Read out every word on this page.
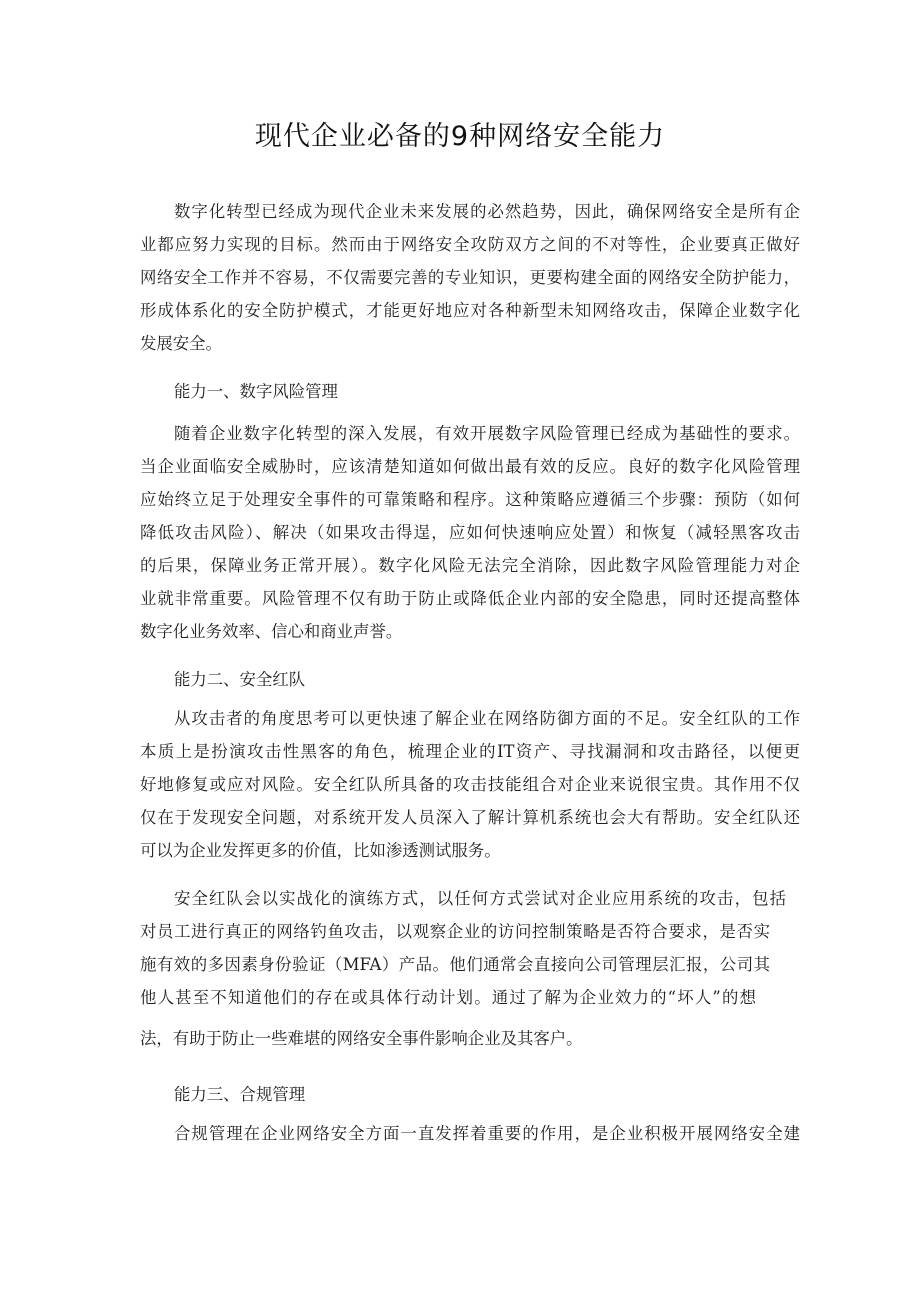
现代企业必备的9种网络安全能力
数字化转型已经成为现代企业未来发展的必然趋势，因此，确保网络安全是所有企
业都应努力实现的目标。然而由于网络安全攻防双方之间的不对等性，企业要真正做好
网络安全工作并不容易，不仅需要完善的专业知识，更要构建全面的网络安全防护能力，
形成体系化的安全防护模式，才能更好地应对各种新型未知网络攻击，保障企业数字化
发展安全。
能力一、数字风险管理
随着企业数字化转型的深入发展，有效开展数字风险管理已经成为基础性的要求。
当企业面临安全威胁时，应该清楚知道如何做出最有效的反应。良好的数字化风险管理
应始终立足于处理安全事件的可靠策略和程序。这种策略应遵循三个步骤：预防（如何
降低攻击风险）、解决（如果攻击得逞，应如何快速响应处置）和恢复（减轻黑客攻击
的后果，保障业务正常开展）。数字化风险无法完全消除，因此数字风险管理能力对企
业就非常重要。风险管理不仅有助于防止或降低企业内部的安全隐患，同时还提高整体
数字化业务效率、信心和商业声誉。
能力二、安全红队
从攻击者的角度思考可以更快速了解企业在网络防御方面的不足。安全红队的工作
本质上是扮演攻击性黑客的角色，梳理企业的IT资产、寻找漏洞和攻击路径，以便更
好地修复或应对风险。安全红队所具备的攻击技能组合对企业来说很宝贵。其作用不仅
仅在于发现安全问题，对系统开发人员深入了解计算机系统也会大有帮助。安全红队还
可以为企业发挥更多的价值，比如渗透测试服务。
安全红队会以实战化的演练方式，以任何方式尝试对企业应用系统的攻击，包括
对员工进行真正的网络钓鱼攻击，以观察企业的访问控制策略是否符合要求，是否实
施有效的多因素身份验证（MFA）产品。他们通常会直接向公司管理层汇报，公司其
他人甚至不知道他们的存在或具体行动计划。通过了解为企业效力的“坏人”的想
法，有助于防止一些难堪的网络安全事件影响企业及其客户。
能力三、合规管理
合规管理在企业网络安全方面一直发挥着重要的作用，是企业积极开展网络安全建
